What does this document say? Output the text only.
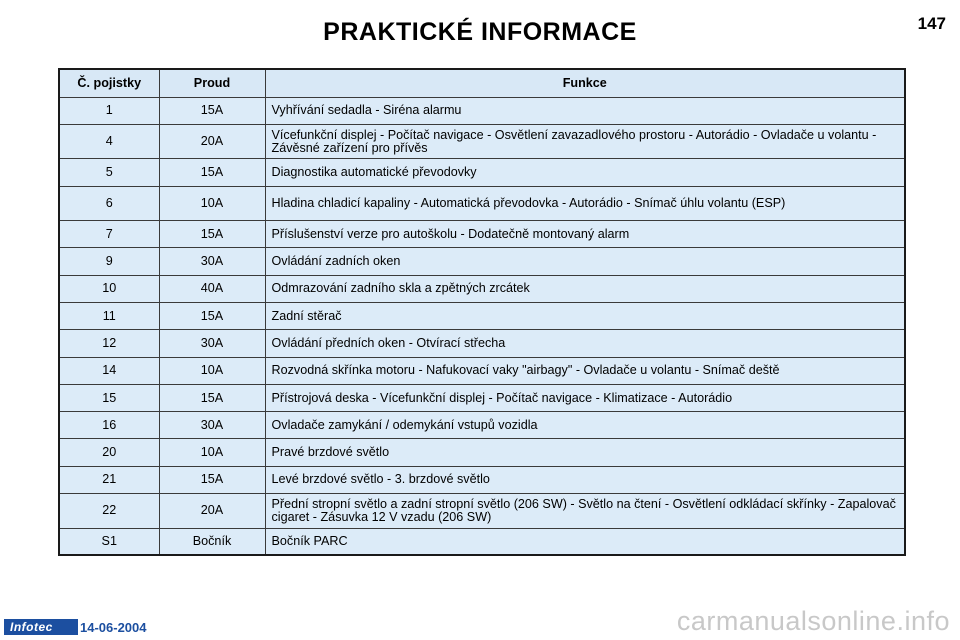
PRAKTICKÉ INFORMACE	147
Č. pojistky	Proud	Funkce
1	15A	Vyhřívání sedadla - Siréna alarmu
4	20A	Vícefunkční displej - Počítač navigace - Osvětlení zavazadlového prostoru - Autorádio - Ovladače u volantu - Závěsné zařízení pro přívěs
5	15A	Diagnostika automatické převodovky
6	10A	Hladina chladicí kapaliny - Automatická převodovka - Autorádio - Snímač úhlu volantu (ESP)
7	15A	Příslušenství verze pro autoškolu - Dodatečně montovaný alarm
9	30A	Ovládání zadních oken
10	40A	Odmrazování zadního skla a zpětných zrcátek
11	15A	Zadní stěrač
12	30A	Ovládání předních oken - Otvírací střecha
14	10A	Rozvodná skřínka motoru - Nafukovací vaky "airbagy" - Ovladače u volantu - Snímač deště
15	15A	Přístrojová deska - Vícefunkční displej - Počítač navigace - Klimatizace - Autorádio
16	30A	Ovladače zamykání / odemykání vstupů vozidla
20	10A	Pravé brzdové světlo
21	15A	Levé brzdové světlo - 3. brzdové světlo
22	20A	Přední stropní světlo a zadní stropní světlo (206 SW) - Světlo na čtení - Osvětlení odkládací skřínky - Zapalovač cigaret - Zásuvka 12 V vzadu (206 SW)
S1	Bočník	Bočník PARC
Infotec	14-06-2004	carmanualsonline.info
